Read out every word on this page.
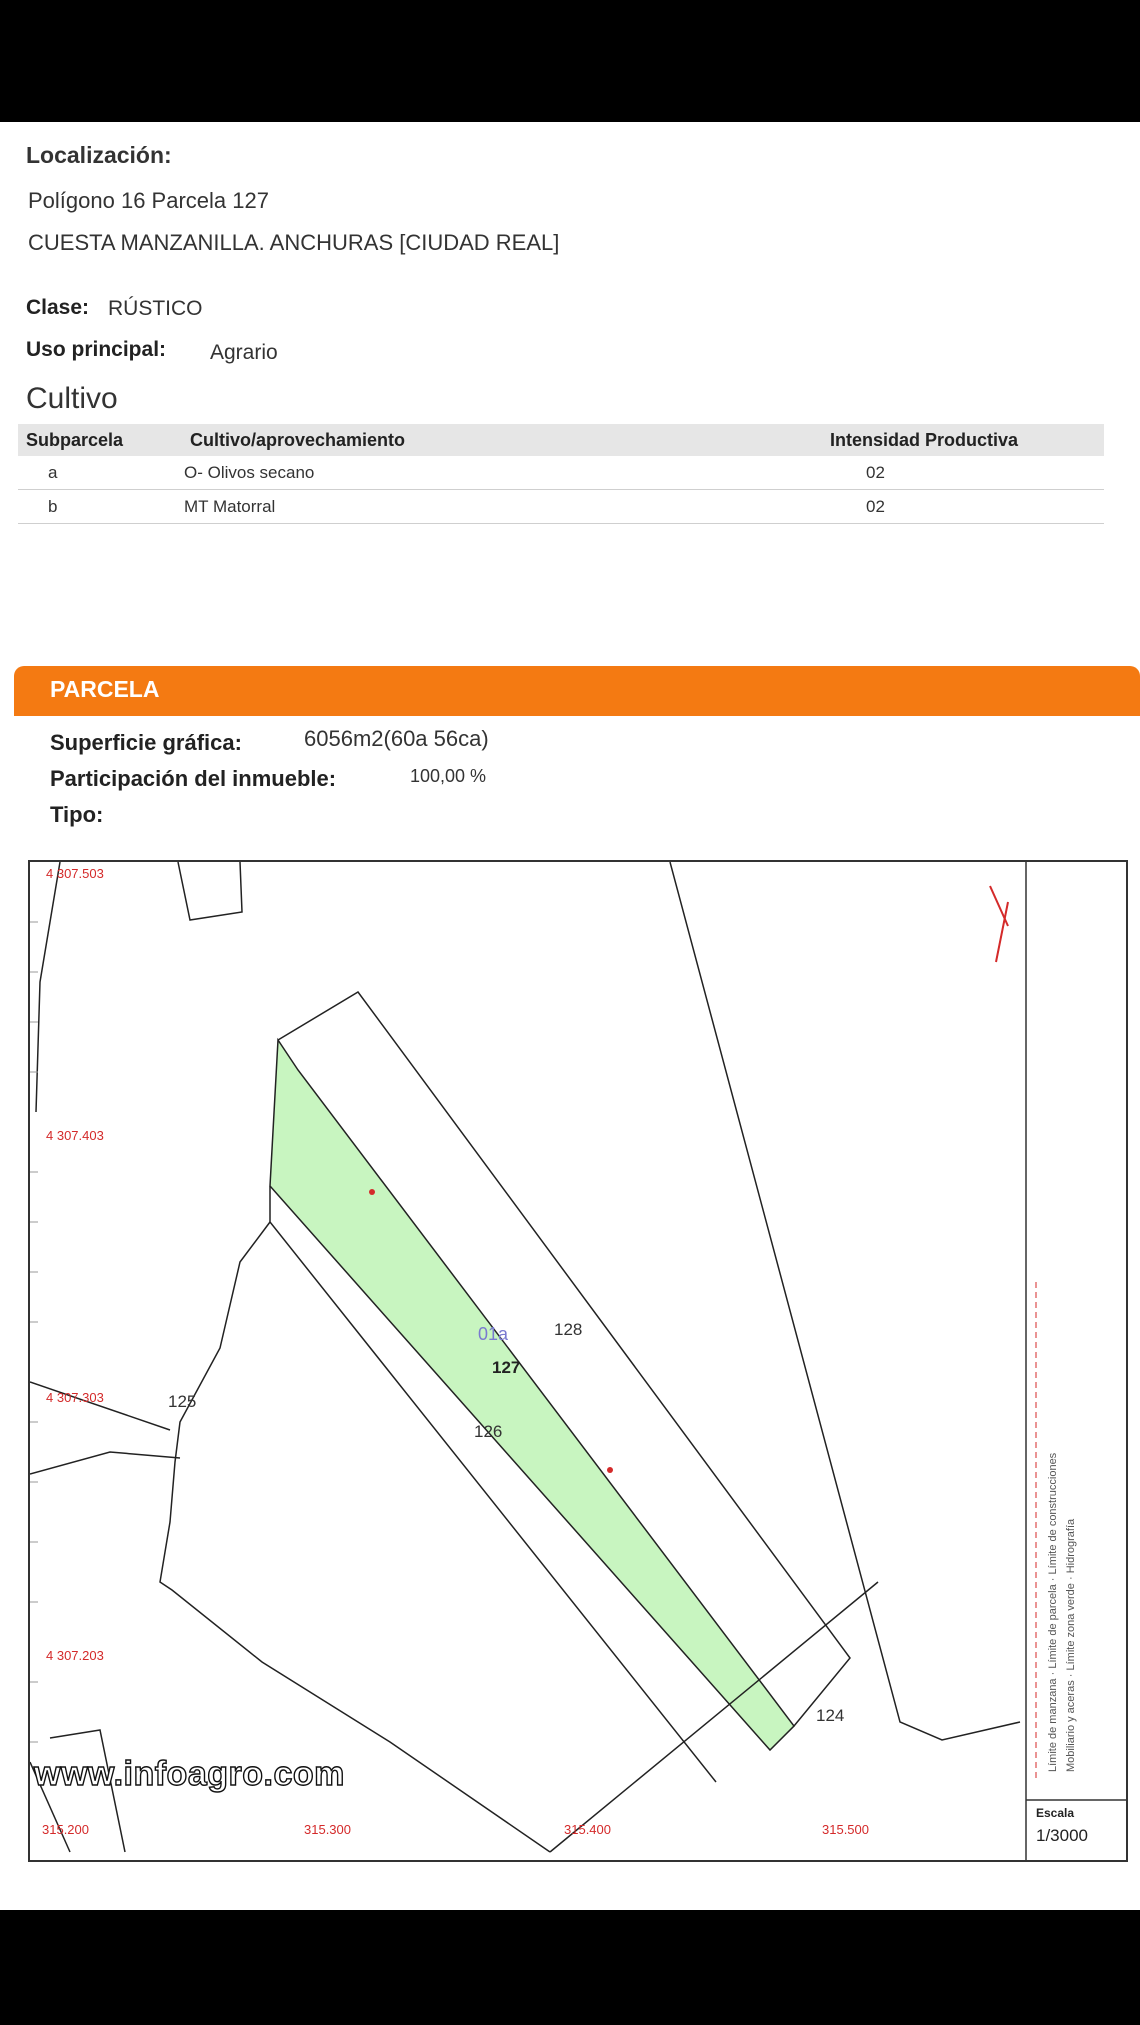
Localización:
Polígono 16 Parcela 127
CUESTA MANZANILLA. ANCHURAS [CIUDAD REAL]
Clase: RÚSTICO
Uso principal: Agrario
Cultivo
Subparcela	Cultivo/aprovechamiento	Intensidad Productiva
a	O- Olivos secano	02
b	MT Matorral	02
PARCELA
Superficie gráfica:	6056m2(60a 56ca)
Participación del inmueble:	100,00 %
Tipo:
01a
127
128
126
125
124
4 307.503
4 307.403
4 307.303
4 307.203
315.200	315.300	315.400	315.500
Límite de manzana · Límite de parcela · Límite de construcciones
Mobiliario y aceras · Límite zona verde · Hidrografía
Escala
1/3000
www.infoagro.com
